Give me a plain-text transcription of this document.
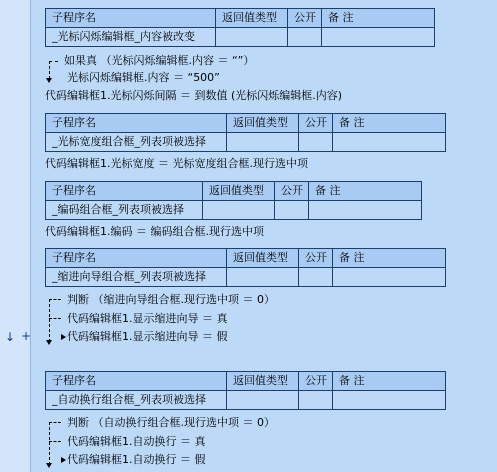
↓ +
子程序名	返回值类型	公开	备 注
_光标闪烁编辑框_内容被改变			
如果真 （光标闪烁编辑框.内容 ＝ “”）
光标闪烁编辑框.内容 ＝ “500”
代码编辑框1.光标闪烁间隔 ＝ 到数值 (光标闪烁编辑框.内容)
子程序名	返回值类型	公开	备 注
_光标宽度组合框_列表项被选择			
代码编辑框1.光标宽度 ＝ 光标宽度组合框.现行选中项
子程序名	返回值类型	公开	备 注
_编码组合框_列表项被选择			
代码编辑框1.编码 ＝ 编码组合框.现行选中项
子程序名	返回值类型	公开	备 注
_缩进向导组合框_列表项被选择			
判断 （缩进向导组合框.现行选中项 ＝ 0）
代码编辑框1.显示缩进向导 ＝ 真
代码编辑框1.显示缩进向导 ＝ 假
子程序名	返回值类型	公开	备 注
_自动换行组合框_列表项被选择			
判断 （自动换行组合框.现行选中项 ＝ 0）
代码编辑框1.自动换行 ＝ 真
代码编辑框1.自动换行 ＝ 假
